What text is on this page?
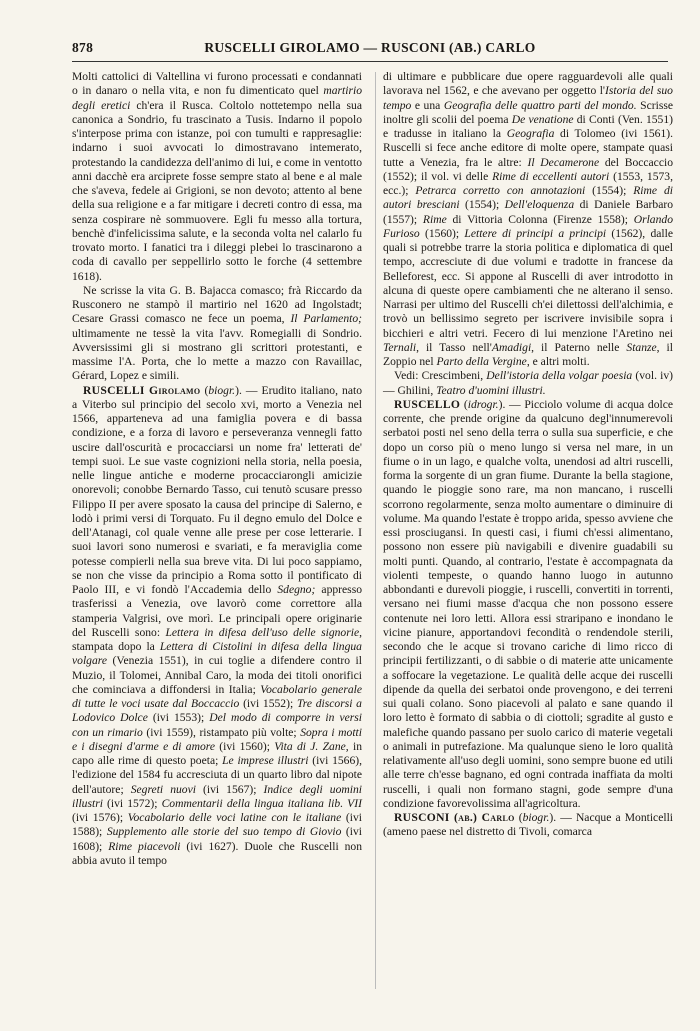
878	RUSCELLI GIROLAMO — RUSCONI (AB.) CARLO

Molti cattolici di Valtellina vi furono processati e condannati o in danaro o nella vita, e non fu dimenticato quel martirio degli eretici ch'era il Rusca. Coltolo nottetempo nella sua canonica a Sondrio, fu trascinato a Tusis. Indarno il popolo s'interpose prima con istanze, poi con tumulti e rappresaglie: indarno i suoi avvocati lo dimostravano intemerato, protestando la candidezza dell'animo di lui, e come in ventotto anni dacchè era arciprete fosse sempre stato al bene e al male che s'aveva, fedele ai Grigioni, se non devoto; attento al bene della sua religione e a far mitigare i decreti contro di essa, ma senza cospirare nè sommuovere. Egli fu messo alla tortura, benchè d'infelicissima salute, e la seconda volta nel calarlo fu trovato morto. I fanatici tra i dileggi plebei lo trascinarono a coda di cavallo per seppellirlo sotto le forche (4 settembre 1618).

Ne scrisse la vita G. B. Bajacca comasco; frà Riccardo da Rusconero ne stampò il martirio nel 1620 ad Ingolstadt; Cesare Grassi comasco ne fece un poema, Il Parlamento; ultimamente ne tessè la vita l'avv. Romegialli di Sondrio. Avversissimi gli si mostrano gli scrittori protestanti, e massime l'A. Porta, che lo mette a mazzo con Ravaillac, Gérard, Lopez e simili.

RUSCELLI Girolamo (biogr.). — Erudito italiano, nato a Viterbo sul principio del secolo xvi, morto a Venezia nel 1566, apparteneva ad una famiglia povera e di bassa condizione, e a forza di lavoro e perseveranza vennegli fatto uscire dall'oscurità e procacciarsi un nome fra' letterati de' tempi suoi. Le sue vaste cognizioni nella storia, nella poesia, nelle lingue antiche e moderne procacciarongli amicizie onorevoli; conobbe Bernardo Tasso, cui tenutò scusare presso Filippo II per avere sposato la causa del principe di Salerno, e lodò i primi versi di Torquato. Fu il degno emulo del Dolce e dell'Atanagi, col quale venne alle prese per cose letterarie. I suoi lavori sono numerosi e svariati, e fa meraviglia come potesse compierli nella sua breve vita. Di lui poco sappiamo, se non che visse da principio a Roma sotto il pontificato di Paolo III, e vi fondò l'Accademia dello Sdegno; appresso trasferissi a Venezia, ove lavorò come correttore alla stamperia Valgrisi, ove morì. Le principali opere originarie del Ruscelli sono: Lettera in difesa dell'uso delle signorie, stampata dopo la Lettera di Cistolini in difesa della lingua volgare (Venezia 1551), in cui toglie a difendere contro il Muzio, il Tolomei, Annibal Caro, la moda dei titoli onorifici che cominciava a diffondersi in Italia; Vocabolario generale di tutte le voci usate dal Boccaccio (ivi 1552); Tre discorsi a Lodovico Dolce (ivi 1553); Del modo di comporre in versi con un rimario (ivi 1559), ristampato più volte; Sopra i motti e i disegni d'arme e di amore (ivi 1560); Vita di J. Zane, in capo alle rime di questo poeta; Le imprese illustri (ivi 1566), l'edizione del 1584 fu accresciuta di un quarto libro dal nipote dell'autore; Segreti nuovi (ivi 1567); Indice degli uomini illustri (ivi 1572); Commentarii della lingua italiana lib. VII (ivi 1576); Vocabolario delle voci latine con le italiane (ivi 1588); Supplemento alle storie del suo tempo di Giovio (ivi 1608); Rime piacevoli (ivi 1627). Duole che Ruscelli non abbia avuto il tempo

di ultimare e pubblicare due opere ragguardevoli alle quali lavorava nel 1562, e che avevano per oggetto l'Istoria del suo tempo e una Geografia delle quattro parti del mondo. Scrisse inoltre gli scolii del poema De venatione di Conti (Ven. 1551) e tradusse in italiano la Geografia di Tolomeo (ivi 1561). Ruscelli si fece anche editore di molte opere, stampate quasi tutte a Venezia, fra le altre: Il Decamerone del Boccaccio (1552); il vol. vi delle Rime di eccellenti autori (1553, 1573, ecc.); Petrarca corretto con annotazioni (1554); Rime di autori bresciani (1554); Dell'eloquenza di Daniele Barbaro (1557); Rime di Vittoria Colonna (Firenze 1558); Orlando Furioso (1560); Lettere di principi a principi (1562), dalle quali si potrebbe trarre la storia politica e diplomatica di quel tempo, accresciute di due volumi e tradotte in francese da Belleforest, ecc. Si appone al Ruscelli di aver introdotto in alcuna di queste opere cambiamenti che ne alterano il senso. Narrasi per ultimo del Ruscelli ch'ei dilettossi dell'alchimia, e trovò un bellissimo segreto per iscrivere invisibile sopra i bicchieri e altri vetri. Fecero di lui menzione l'Aretino nei Ternali, il Tasso nell'Amadigi, il Paterno nelle Stanze, il Zoppio nel Parto della Vergine, e altri molti.

Vedi: Crescimbeni, Dell'istoria della volgar poesia (vol. iv) — Ghilini, Teatro d'uomini illustri.

RUSCELLO (idrogr.). — Picciolo volume di acqua dolce corrente, che prende origine da qualcuno degl'innumerevoli serbatoi posti nel seno della terra o sulla sua superficie, e che dopo un corso più o meno lungo si versa nel mare, in un fiume o in un lago, e qualche volta, unendosi ad altri ruscelli, forma la sorgente di un gran fiume. Durante la bella stagione, quando le pioggie sono rare, ma non mancano, i ruscelli scorrono regolarmente, senza molto aumentare o diminuire di volume. Ma quando l'estate è troppo arida, spesso avviene che essi prosciugansi. In questi casi, i fiumi ch'essi alimentano, possono non essere più navigabili e divenire guadabili su molti punti. Quando, al contrario, l'estate è accompagnata da violenti tempeste, o quando hanno luogo in autunno abbondanti e durevoli pioggie, i ruscelli, convertiti in torrenti, versano nei fiumi masse d'acqua che non possono essere contenute nei loro letti. Allora essi straripano e inondano le vicine pianure, apportandovi fecondità o rendendole sterili, secondo che le acque si trovano cariche di limo ricco di principii fertilizzanti, o di sabbie o di materie atte unicamente a soffocare la vegetazione. Le qualità delle acque dei ruscelli dipende da quella dei serbatoi onde provengono, e dei terreni sui quali colano. Sono piacevoli al palato e sane quando il loro letto è formato di sabbia o di ciottoli; sgradite al gusto e malefiche quando passano per suolo carico di materie vegetali o animali in putrefazione. Ma qualunque sieno le loro qualità relativamente all'uso degli uomini, sono sempre buone ed utili alle terre ch'esse bagnano, ed ogni contrada inaffiata da molti ruscelli, i quali non formano stagni, gode sempre d'una condizione favorevolissima all'agricoltura.

RUSCONI (ab.) Carlo (biogr.). — Nacque a Monticelli (ameno paese nel distretto di Tivoli, comarca
